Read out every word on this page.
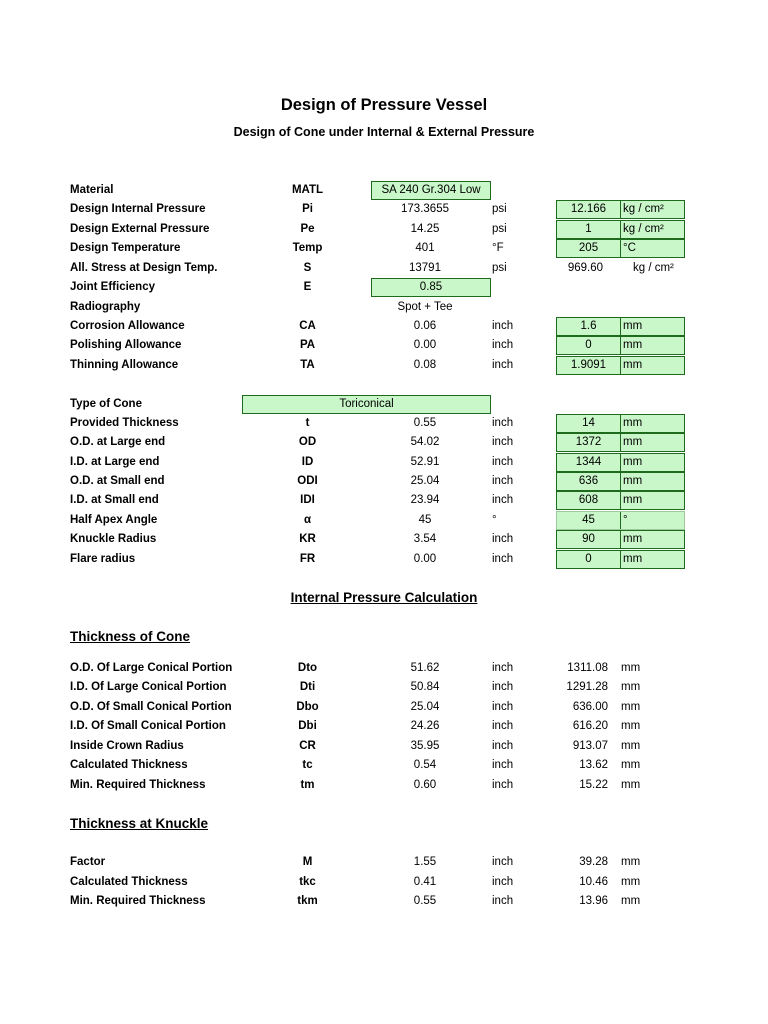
Design of Pressure Vessel
Design of Cone under Internal & External Pressure
Material	MATL	SA 240 Gr.304 Low
Design Internal Pressure	Pi	173.3655	psi	12.166	kg / cm²
Design External Pressure	Pe	14.25	psi	1	kg / cm²
Design Temperature	Temp	401	°F	205	°C
All. Stress at Design Temp.	S	13791	psi	969.60	kg / cm²
Joint Efficiency	E	0.85
Radiography	Spot + Tee
Corrosion Allowance	CA	0.06	inch	1.6	mm
Polishing Allowance	PA	0.00	inch	0	mm
Thinning Allowance	TA	0.08	inch	1.9091	mm
Type of Cone	Toriconical
Provided Thickness	t	0.55	inch	14	mm
O.D. at Large end	OD	54.02	inch	1372	mm
I.D. at Large end	ID	52.91	inch	1344	mm
O.D. at Small end	ODI	25.04	inch	636	mm
I.D. at Small end	IDI	23.94	inch	608	mm
Half Apex Angle	α	45	°	45	°
Knuckle Radius	KR	3.54	inch	90	mm
Flare radius	FR	0.00	inch	0	mm
Internal Pressure Calculation
Thickness of Cone
O.D. Of Large Conical Portion	Dto	51.62	inch	1311.08 mm
I.D. Of Large Conical Portion	Dti	50.84	inch	1291.28 mm
O.D. Of Small Conical Portion	Dbo	25.04	inch	636.00 mm
I.D. Of Small Conical Portion	Dbi	24.26	inch	616.20 mm
Inside Crown Radius	CR	35.95	inch	913.07 mm
Calculated Thickness	tc	0.54	inch	13.62 mm
Min. Required Thickness	tm	0.60	inch	15.22 mm
Thickness at Knuckle
Factor	M	1.55	inch	39.28 mm
Calculated Thickness	tkc	0.41	inch	10.46 mm
Min. Required Thickness	tkm	0.55	inch	13.96 mm
